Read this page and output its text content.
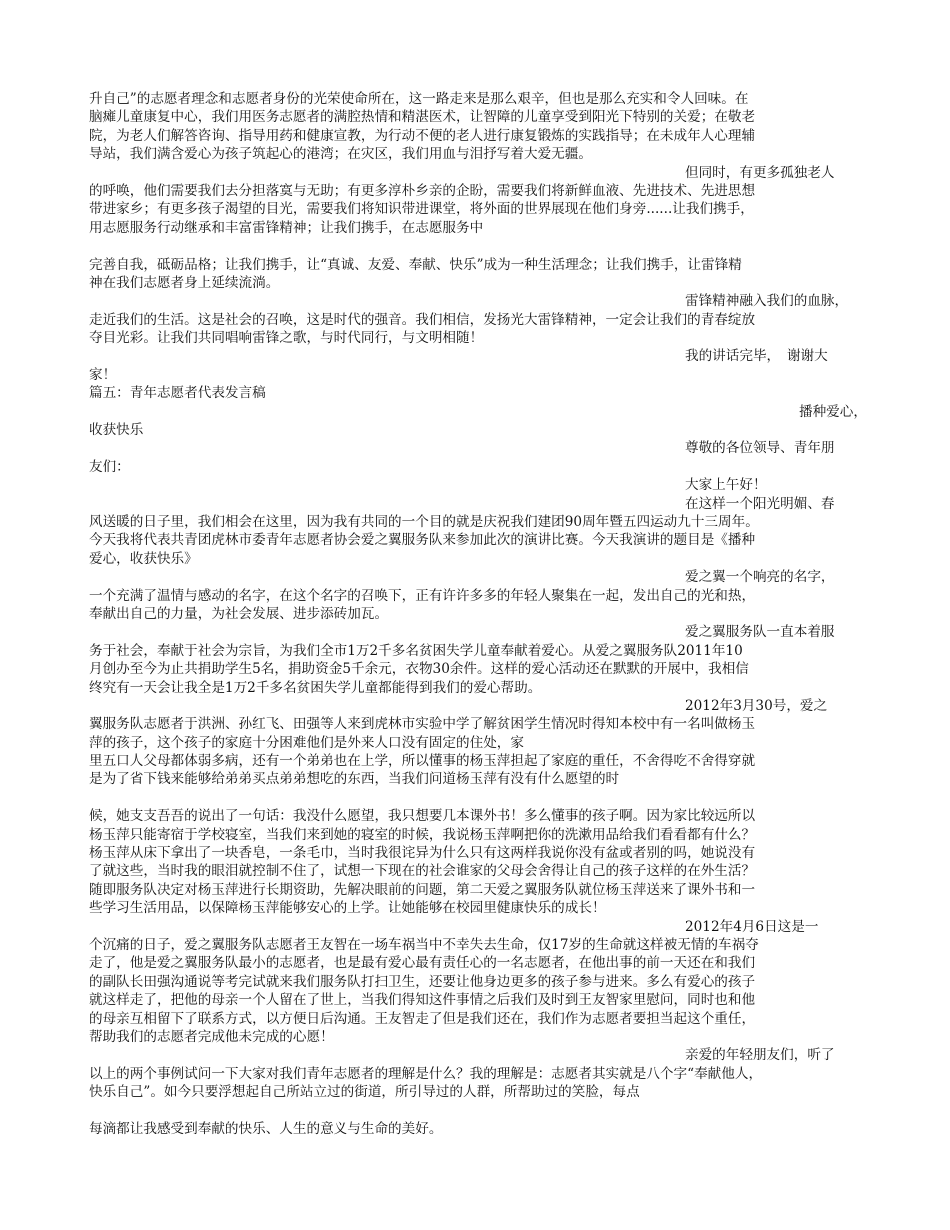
升自己”的志愿者理念和志愿者身份的光荣使命所在，这一路走来是那么艰辛，但也是那么充实和令人回味。在
脑瘫儿童康复中心，我们用医务志愿者的满腔热情和精湛医术，让智障的儿童享受到阳光下特别的关爱；在敬老
院，为老人们解答咨询、指导用药和健康宣教，为行动不便的老人进行康复锻炼的实践指导；在未成年人心理辅
导站，我们满含爱心为孩子筑起心的港湾；在灾区，我们用血与泪抒写着大爱无疆。
但同时，有更多孤独老人
的呼唤，他们需要我们去分担落寞与无助；有更多淳朴乡亲的企盼，需要我们将新鲜血液、先进技术、先进思想
带进家乡；有更多孩子渴望的目光，需要我们将知识带进课堂，将外面的世界展现在他们身旁......让我们携手，
用志愿服务行动继承和丰富雷锋精神；让我们携手，在志愿服务中
完善自我，砥砺品格；让我们携手，让“真诚、友爱、奉献、快乐”成为一种生活理念；让我们携手，让雷锋精
神在我们志愿者身上延续流淌。
雷锋精神融入我们的血脉，
走近我们的生活。这是社会的召唤，这是时代的强音。我们相信，发扬光大雷锋精神，一定会让我们的青春绽放
夺目光彩。让我们共同唱响雷锋之歌，与时代同行，与文明相随！
我的讲话完毕，　谢谢大
家！
篇五：青年志愿者代表发言稿
播种爱心，
收获快乐
尊敬的各位领导、青年朋
友们：
大家上午好！
在这样一个阳光明媚、春
风送暖的日子里，我们相会在这里，因为我有共同的一个目的就是庆祝我们建团90周年暨五四运动九十三周年。
今天我将代表共青团虎林市委青年志愿者协会爱之翼服务队来参加此次的演讲比赛。今天我演讲的题目是《播种
爱心，收获快乐》
爱之翼一个响亮的名字，
一个充满了温情与感动的名字，在这个名字的召唤下，正有许许多多的年轻人聚集在一起，发出自己的光和热，
奉献出自己的力量，为社会发展、进步添砖加瓦。
爱之翼服务队一直本着服
务于社会，奉献于社会为宗旨，为我们全市1万2千多名贫困失学儿童奉献着爱心。从爱之翼服务队2011年10
月创办至今为止共捐助学生5名，捐助资金5千余元，衣物30余件。这样的爱心活动还在默默的开展中，我相信
终究有一天会让我全是1万2千多名贫困失学儿童都能得到我们的爱心帮助。
2012年3月30号，爱之
翼服务队志愿者于洪洲、孙红飞、田强等人来到虎林市实验中学了解贫困学生情况时得知本校中有一名叫做杨玉
萍的孩子，这个孩子的家庭十分困难他们是外来人口没有固定的住处，家
里五口人父母都体弱多病，还有一个弟弟也在上学，所以懂事的杨玉萍担起了家庭的重任，不舍得吃不舍得穿就
是为了省下钱来能够给弟弟买点弟弟想吃的东西，当我们问道杨玉萍有没有什么愿望的时
候，她支支吾吾的说出了一句话：我没什么愿望，我只想要几本课外书！多么懂事的孩子啊。因为家比较远所以
杨玉萍只能寄宿于学校寝室，当我们来到她的寝室的时候，我说杨玉萍啊把你的洗漱用品给我们看看都有什么？
杨玉萍从床下拿出了一块香皂，一条毛巾，当时我很诧异为什么只有这两样我说你没有盆或者别的吗，她说没有
了就这些，当时我的眼泪就控制不住了，试想一下现在的社会谁家的父母会舍得让自己的孩子这样的在外生活？
随即服务队决定对杨玉萍进行长期资助，先解决眼前的问题，第二天爱之翼服务队就位杨玉萍送来了课外书和一
些学习生活用品，以保障杨玉萍能够安心的上学。让她能够在校园里健康快乐的成长！
2012年4月6日这是一
个沉痛的日子，爱之翼服务队志愿者王友智在一场车祸当中不幸失去生命，仅17岁的生命就这样被无情的车祸夺
走了，他是爱之翼服务队最小的志愿者，也是最有爱心最有责任心的一名志愿者，在他出事的前一天还在和我们
的副队长田强沟通说等考完试就来我们服务队打扫卫生，还要让他身边更多的孩子参与进来。多么有爱心的孩子
就这样走了，把他的母亲一个人留在了世上，当我们得知这件事情之后我们及时到王友智家里慰问，同时也和他
的母亲互相留下了联系方式，以方便日后沟通。王友智走了但是我们还在，我们作为志愿者要担当起这个重任，
帮助我们的志愿者完成他未完成的心愿！
亲爱的年轻朋友们，听了
以上的两个事例试问一下大家对我们青年志愿者的理解是什么？我的理解是：志愿者其实就是八个字“奉献他人，
快乐自己”。如今只要浮想起自己所站立过的街道，所引导过的人群，所帮助过的笑脸，每点
每滴都让我感受到奉献的快乐、人生的意义与生命的美好。
